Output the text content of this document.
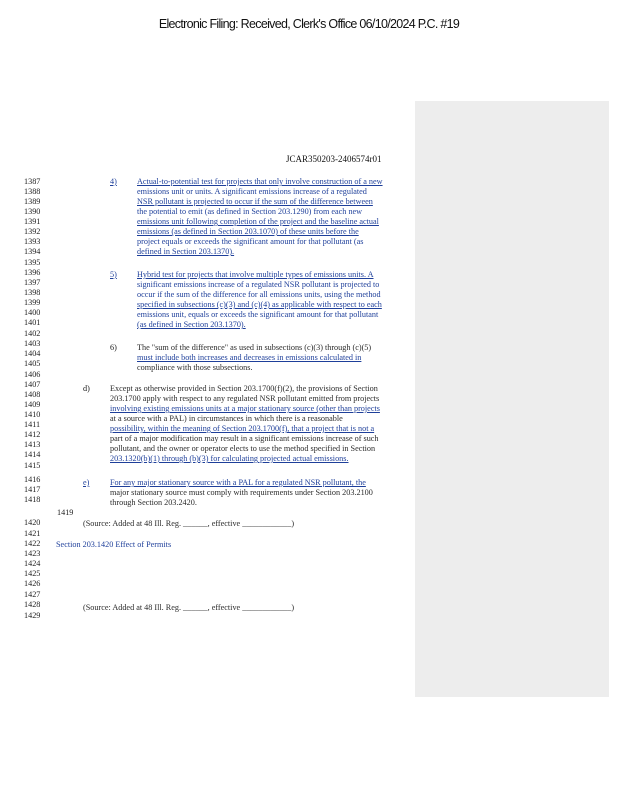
Electronic Filing: Received, Clerk's Office 06/10/2024 P.C. #19
JCAR350203-2406574r01
1387
1388
1389
1390
1391
1392
1393
1394
1395
1396
1397
1398
1399
1400
1401
1402
1403
1404
1405
1406
1407
1408
1409
1410
1411
1412
1413
1414
1415
1416
1417
1418
1419
1420
1421
1422
1423
1424
1425
1426
1427
1428
1429
4) Actual-to-potential test for projects that only involve construction of a new
emissions unit or units. A significant emissions increase of a regulated
NSR pollutant is projected to occur if the sum of the difference between
the potential to emit (as defined in Section 203.1290) from each new
emissions unit following completion of the project and the baseline actual
emissions (as defined in Section 203.1070) of these units before the
project equals or exceeds the significant amount for that pollutant (as
defined in Section 203.1370).
5) Hybrid test for projects that involve multiple types of emissions units. A
significant emissions increase of a regulated NSR pollutant is projected to
occur if the sum of the difference for all emissions units, using the method
specified in subsections (c)(3) and (c)(4) as applicable with respect to each
emissions unit, equals or exceeds the significant amount for that pollutant
(as defined in Section 203.1370).
6) The "sum of the difference" as used in subsections (c)(3) through (c)(5)
must include both increases and decreases in emissions calculated in
compliance with those subsections.
d) Except as otherwise provided in Section 203.1700(f)(2), the provisions of Section
203.1700 apply with respect to any regulated NSR pollutant emitted from projects
involving existing emissions units at a major stationary source (other than projects
at a source with a PAL) in circumstances in which there is a reasonable
possibility, within the meaning of Section 203.1700(f), that a project that is not a
part of a major modification may result in a significant emissions increase of such
pollutant, and the owner or operator elects to use the method specified in Section
203.1320(b)(1) through (b)(3) for calculating projected actual emissions.
e)	For any major stationary source with a PAL for a regulated NSR pollutant, the
major stationary source must comply with requirements under Section 203.2100
through Section 203.2420.
(Source: Added at 48 Ill. Reg. ______, effective ____________)
Section 203.1420 Effect of Permits
(Source: Added at 48 Ill. Reg. ______, effective ____________)
